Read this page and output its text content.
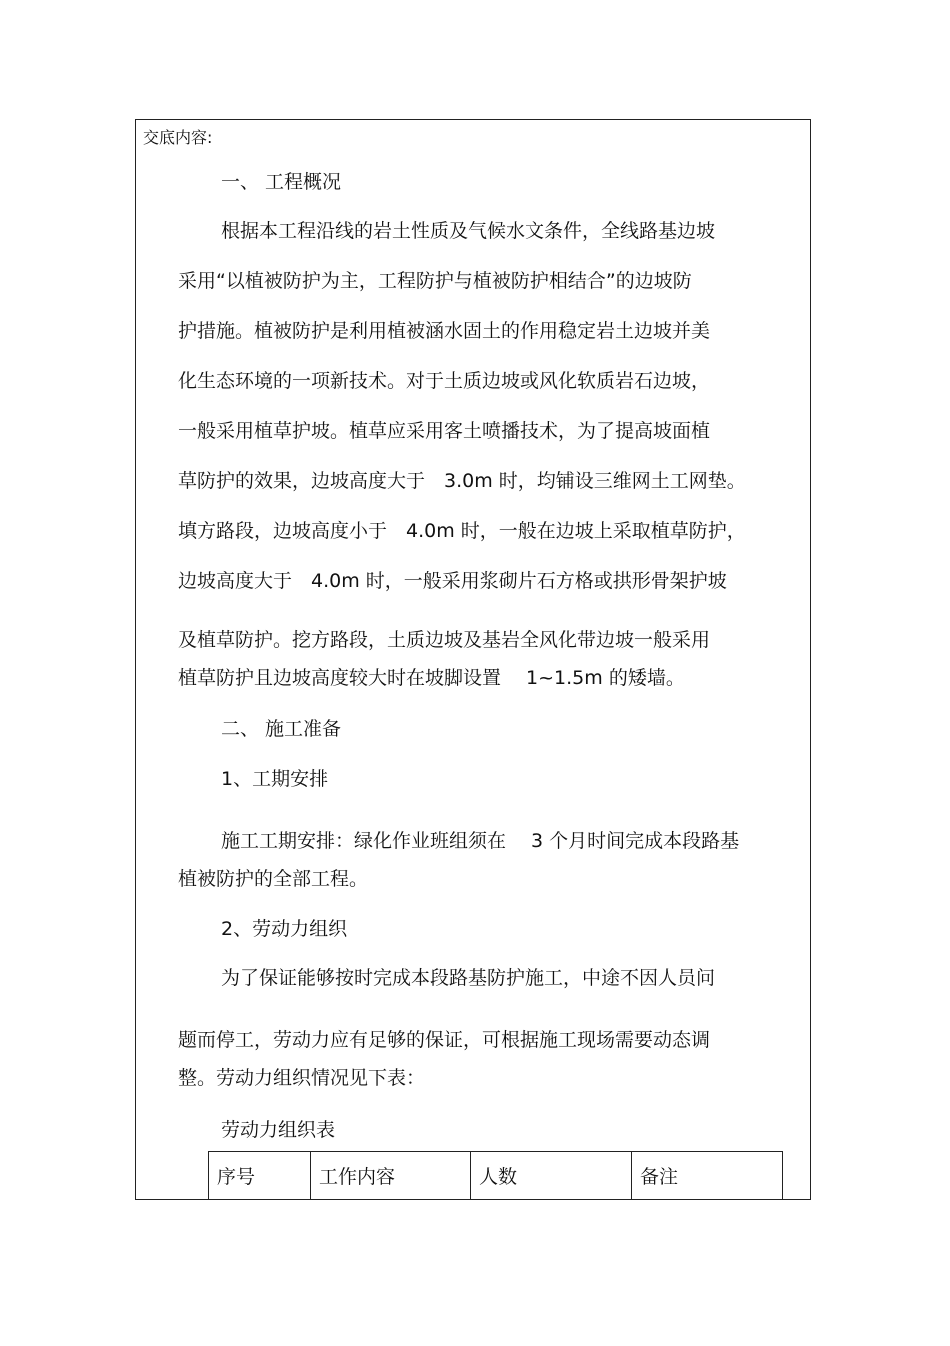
交底内容:
一、 工程概况
根据本工程沿线的岩土性质及气候水文条件，全线路基边坡
采用“以植被防护为主，工程防护与植被防护相结合”的边坡防
护措施。植被防护是利用植被涵水固土的作用稳定岩土边坡并美
化生态环境的一项新技术。对于土质边坡或风化软质岩石边坡，
一般采用植草护坡。植草应采用客土喷播技术，为了提高坡面植
草防护的效果，边坡高度大于　3.0m 时，均铺设三维网土工网垫。
填方路段，边坡高度小于　4.0m 时，一般在边坡上采取植草防护，
边坡高度大于　4.0m 时，一般采用浆砌片石方格或拱形骨架护坡
及植草防护。挖方路段，土质边坡及基岩全风化带边坡一般采用
植草防护且边坡高度较大时在坡脚设置　 1~1.5m 的矮墙。
二、 施工准备
1、工期安排
施工工期安排：绿化作业班组须在　 3 个月时间完成本段路基
植被防护的全部工程。
2、劳动力组织
为了保证能够按时完成本段路基防护施工，中途不因人员问
题而停工，劳动力应有足够的保证，可根据施工现场需要动态调
整。劳动力组织情况见下表：
劳动力组织表
序号	工作内容	人数	备注
